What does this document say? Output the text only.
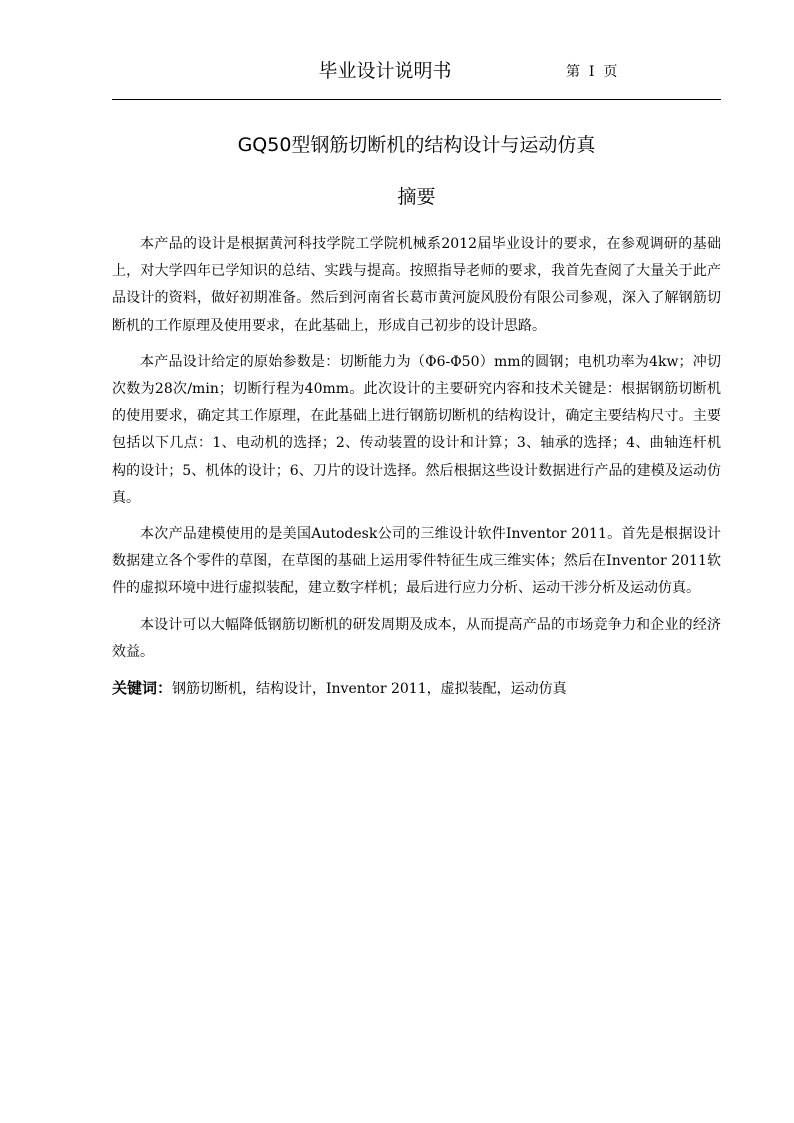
毕业设计说明书	第  I  页
GQ50型钢筋切断机的结构设计与运动仿真
摘要

本产品的设计是根据黄河科技学院工学院机械系2012届毕业设计的要求，在参观调研的基础上，对大学四年已学知识的总结、实践与提高。按照指导老师的要求，我首先查阅了大量关于此产品设计的资料，做好初期准备。然后到河南省长葛市黄河旋风股份有限公司参观，深入了解钢筋切断机的工作原理及使用要求，在此基础上，形成自己初步的设计思路。

本产品设计给定的原始参数是：切断能力为（Φ6-Φ50）mm的圆钢；电机功率为4kw；冲切次数为28次/min；切断行程为40mm。此次设计的主要研究内容和技术关键是：根据钢筋切断机的使用要求，确定其工作原理，在此基础上进行钢筋切断机的结构设计，确定主要结构尺寸。主要包括以下几点：1、电动机的选择；2、传动装置的设计和计算；3、轴承的选择；4、曲轴连杆机构的设计；5、机体的设计；6、刀片的设计选择。然后根据这些设计数据进行产品的建模及运动仿真。

本次产品建模使用的是美国Autodesk公司的三维设计软件Inventor 2011。首先是根据设计数据建立各个零件的草图，在草图的基础上运用零件特征生成三维实体；然后在Inventor 2011软件的虚拟环境中进行虚拟装配，建立数字样机；最后进行应力分析、运动干涉分析及运动仿真。

本设计可以大幅降低钢筋切断机的研发周期及成本，从而提高产品的市场竞争力和企业的经济效益。

关键词：钢筋切断机，结构设计，Inventor 2011，虚拟装配，运动仿真
